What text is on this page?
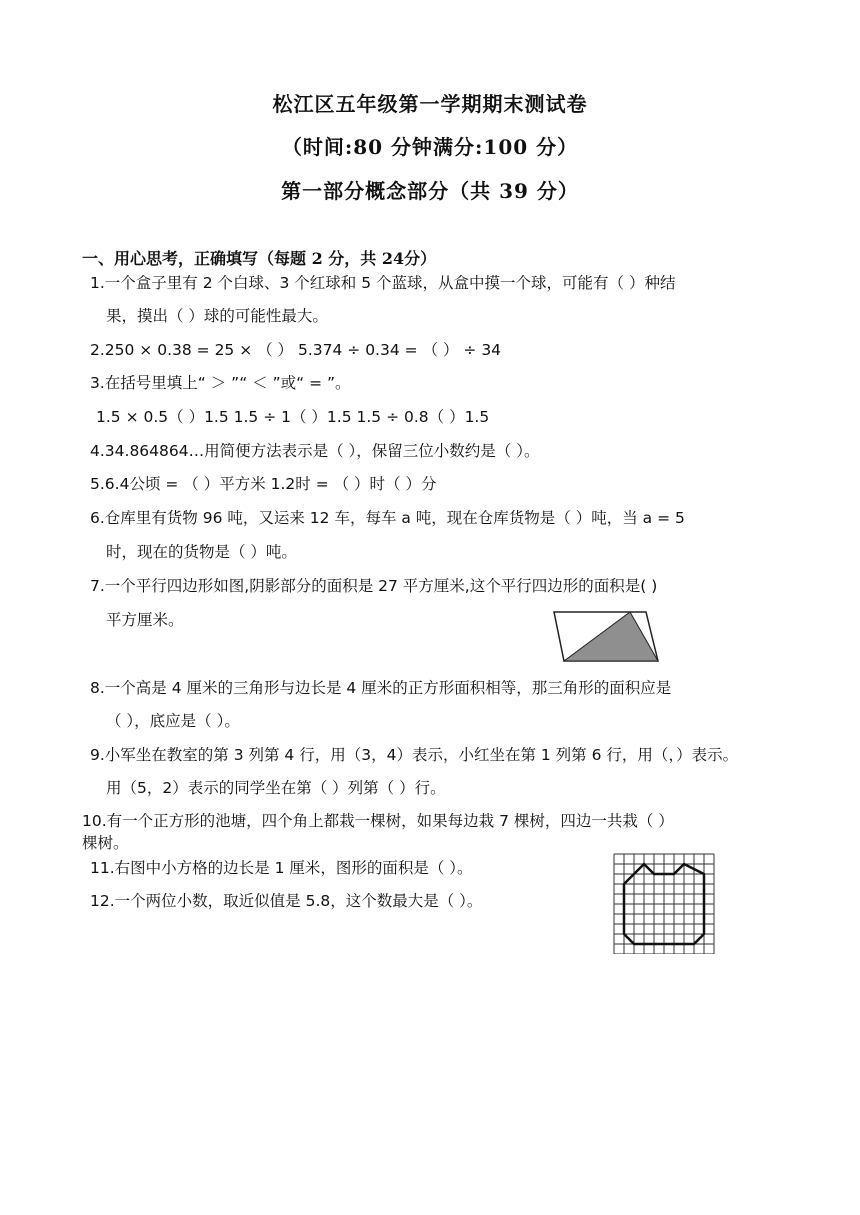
松江区五年级第一学期期末测试卷
（时间:80 分钟满分:100 分）
第一部分概念部分（共 39 分）
一、用心思考，正确填写（每题 2 分，共 24分）
1.一个盒子里有 2 个白球、3 个红球和 5 个蓝球，从盒中摸一个球，可能有（ ）种结
果，摸出（ ）球的可能性最大。
2.250 × 0.38 = 25 × （ ） 5.374 ÷ 0.34 = （ ） ÷ 34
3.在括号里填上“ ＞ ”“ ＜ ”或“ = ”。
1.5 × 0.5（ ）1.5 1.5 ÷ 1（ ）1.5 1.5 ÷ 0.8（ ）1.5
4.34.864864…用简便方法表示是（ ），保留三位小数约是（ ）。
5.6.4公顷 = （ ）平方米 1.2时 = （ ）时（ ）分
6.仓库里有货物 96 吨，又运来 12 车，每车 a 吨，现在仓库货物是（ ）吨，当 a = 5
时，现在的货物是（ ）吨。
7.一个平行四边形如图,阴影部分的面积是 27 平方厘米,这个平行四边形的面积是( )
平方厘米。
8.一个高是 4 厘米的三角形与边长是 4 厘米的正方形面积相等，那三角形的面积应是
（ ），底应是（ ）。
9.小军坐在教室的第 3 列第 4 行，用（3，4）表示，小红坐在第 1 列第 6 行，用（，）表示。
用（5，2）表示的同学坐在第（ ）列第（ ）行。
10.有一个正方形的池塘，四个角上都栽一棵树，如果每边栽 7 棵树，四边一共栽（ ）
棵树。
11.右图中小方格的边长是 1 厘米，图形的面积是（ ）。
12.一个两位小数，取近似值是 5.8，这个数最大是（ ）。
